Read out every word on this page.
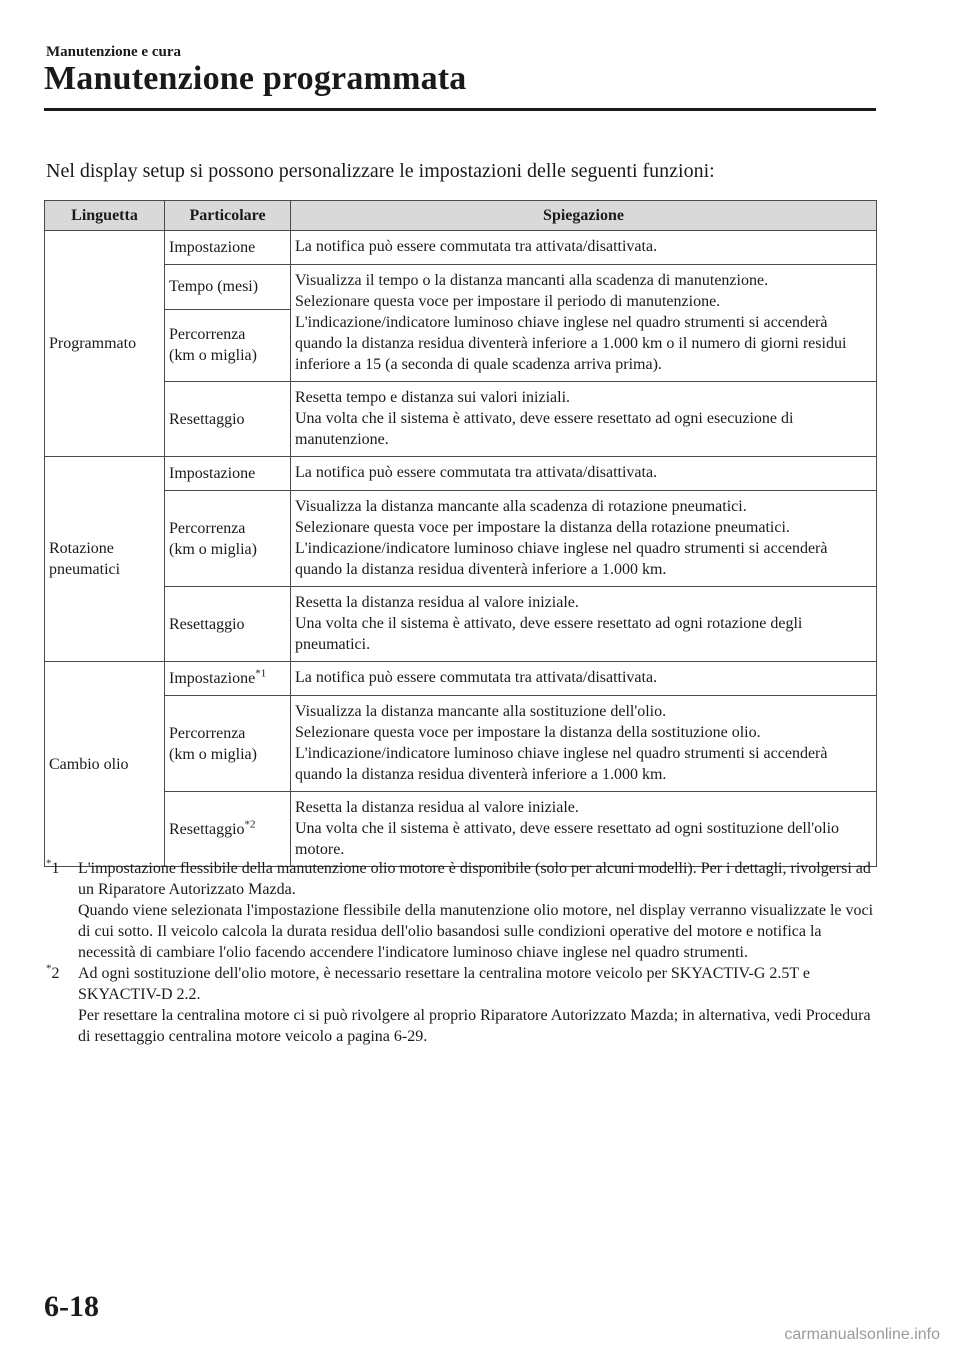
Manutenzione e cura
Manutenzione programmata
Nel display setup si possono personalizzare le impostazioni delle seguenti funzioni:
Linguetta	Particolare	Spiegazione
Programmato	Impostazione	La notifica può essere commutata tra attivata/disattivata.
	Tempo (mesi)	Visualizza il tempo o la distanza mancanti alla scadenza di manutenzione.
Selezionare questa voce per impostare il periodo di manutenzione.
L'indicazione/indicatore luminoso chiave inglese nel quadro strumenti si accenderà quando la distanza residua diventerà inferiore a 1.000 km o il numero di giorni residui inferiore a 15 (a seconda di quale scadenza arriva prima).
	Percorrenza
(km o miglia)	
	Resettaggio	Resetta tempo e distanza sui valori iniziali.
Una volta che il sistema è attivato, deve essere resettato ad ogni esecuzione di manutenzione.
Rotazione
pneumatici	Impostazione	La notifica può essere commutata tra attivata/disattivata.
	Percorrenza
(km o miglia)	Visualizza la distanza mancante alla scadenza di rotazione pneumatici.
Selezionare questa voce per impostare la distanza della rotazione pneumatici.
L'indicazione/indicatore luminoso chiave inglese nel quadro strumenti si accenderà quando la distanza residua diventerà inferiore a 1.000 km.
	Resettaggio	Resetta la distanza residua al valore iniziale.
Una volta che il sistema è attivato, deve essere resettato ad ogni rotazione degli pneumatici.
Cambio olio	Impostazione$^{*1}$	La notifica può essere commutata tra attivata/disattivata.
	Percorrenza
(km o miglia)	Visualizza la distanza mancante alla sostituzione dell'olio.
Selezionare questa voce per impostare la distanza della sostituzione olio.
L'indicazione/indicatore luminoso chiave inglese nel quadro strumenti si accenderà quando la distanza residua diventerà inferiore a 1.000 km.
	Resettaggio$^{*2}$	Resetta la distanza residua al valore iniziale.
Una volta che il sistema è attivato, deve essere resettato ad ogni sostituzione dell'olio motore.
*1 L'impostazione flessibile della manutenzione olio motore è disponibile (solo per alcuni modelli). Per i dettagli, rivolgersi ad un Riparatore Autorizzato Mazda.

Quando viene selezionata l'impostazione flessibile della manutenzione olio motore, nel display verranno visualizzate le voci di cui sotto. Il veicolo calcola la durata residua dell'olio basandosi sulle condizioni operative del motore e notifica la necessità di cambiare l'olio facendo accendere l'indicatore luminoso chiave inglese nel quadro strumenti.

*2 Ad ogni sostituzione dell'olio motore, è necessario resettare la centralina motore veicolo per SKYACTIV-G 2.5T e SKYACTIV-D 2.2.

Per resettare la centralina motore ci si può rivolgere al proprio Riparatore Autorizzato Mazda; in alternativa, vedi Procedura di resettaggio centralina motore veicolo a pagina 6-29.

6-18
carmanualsonline.info
